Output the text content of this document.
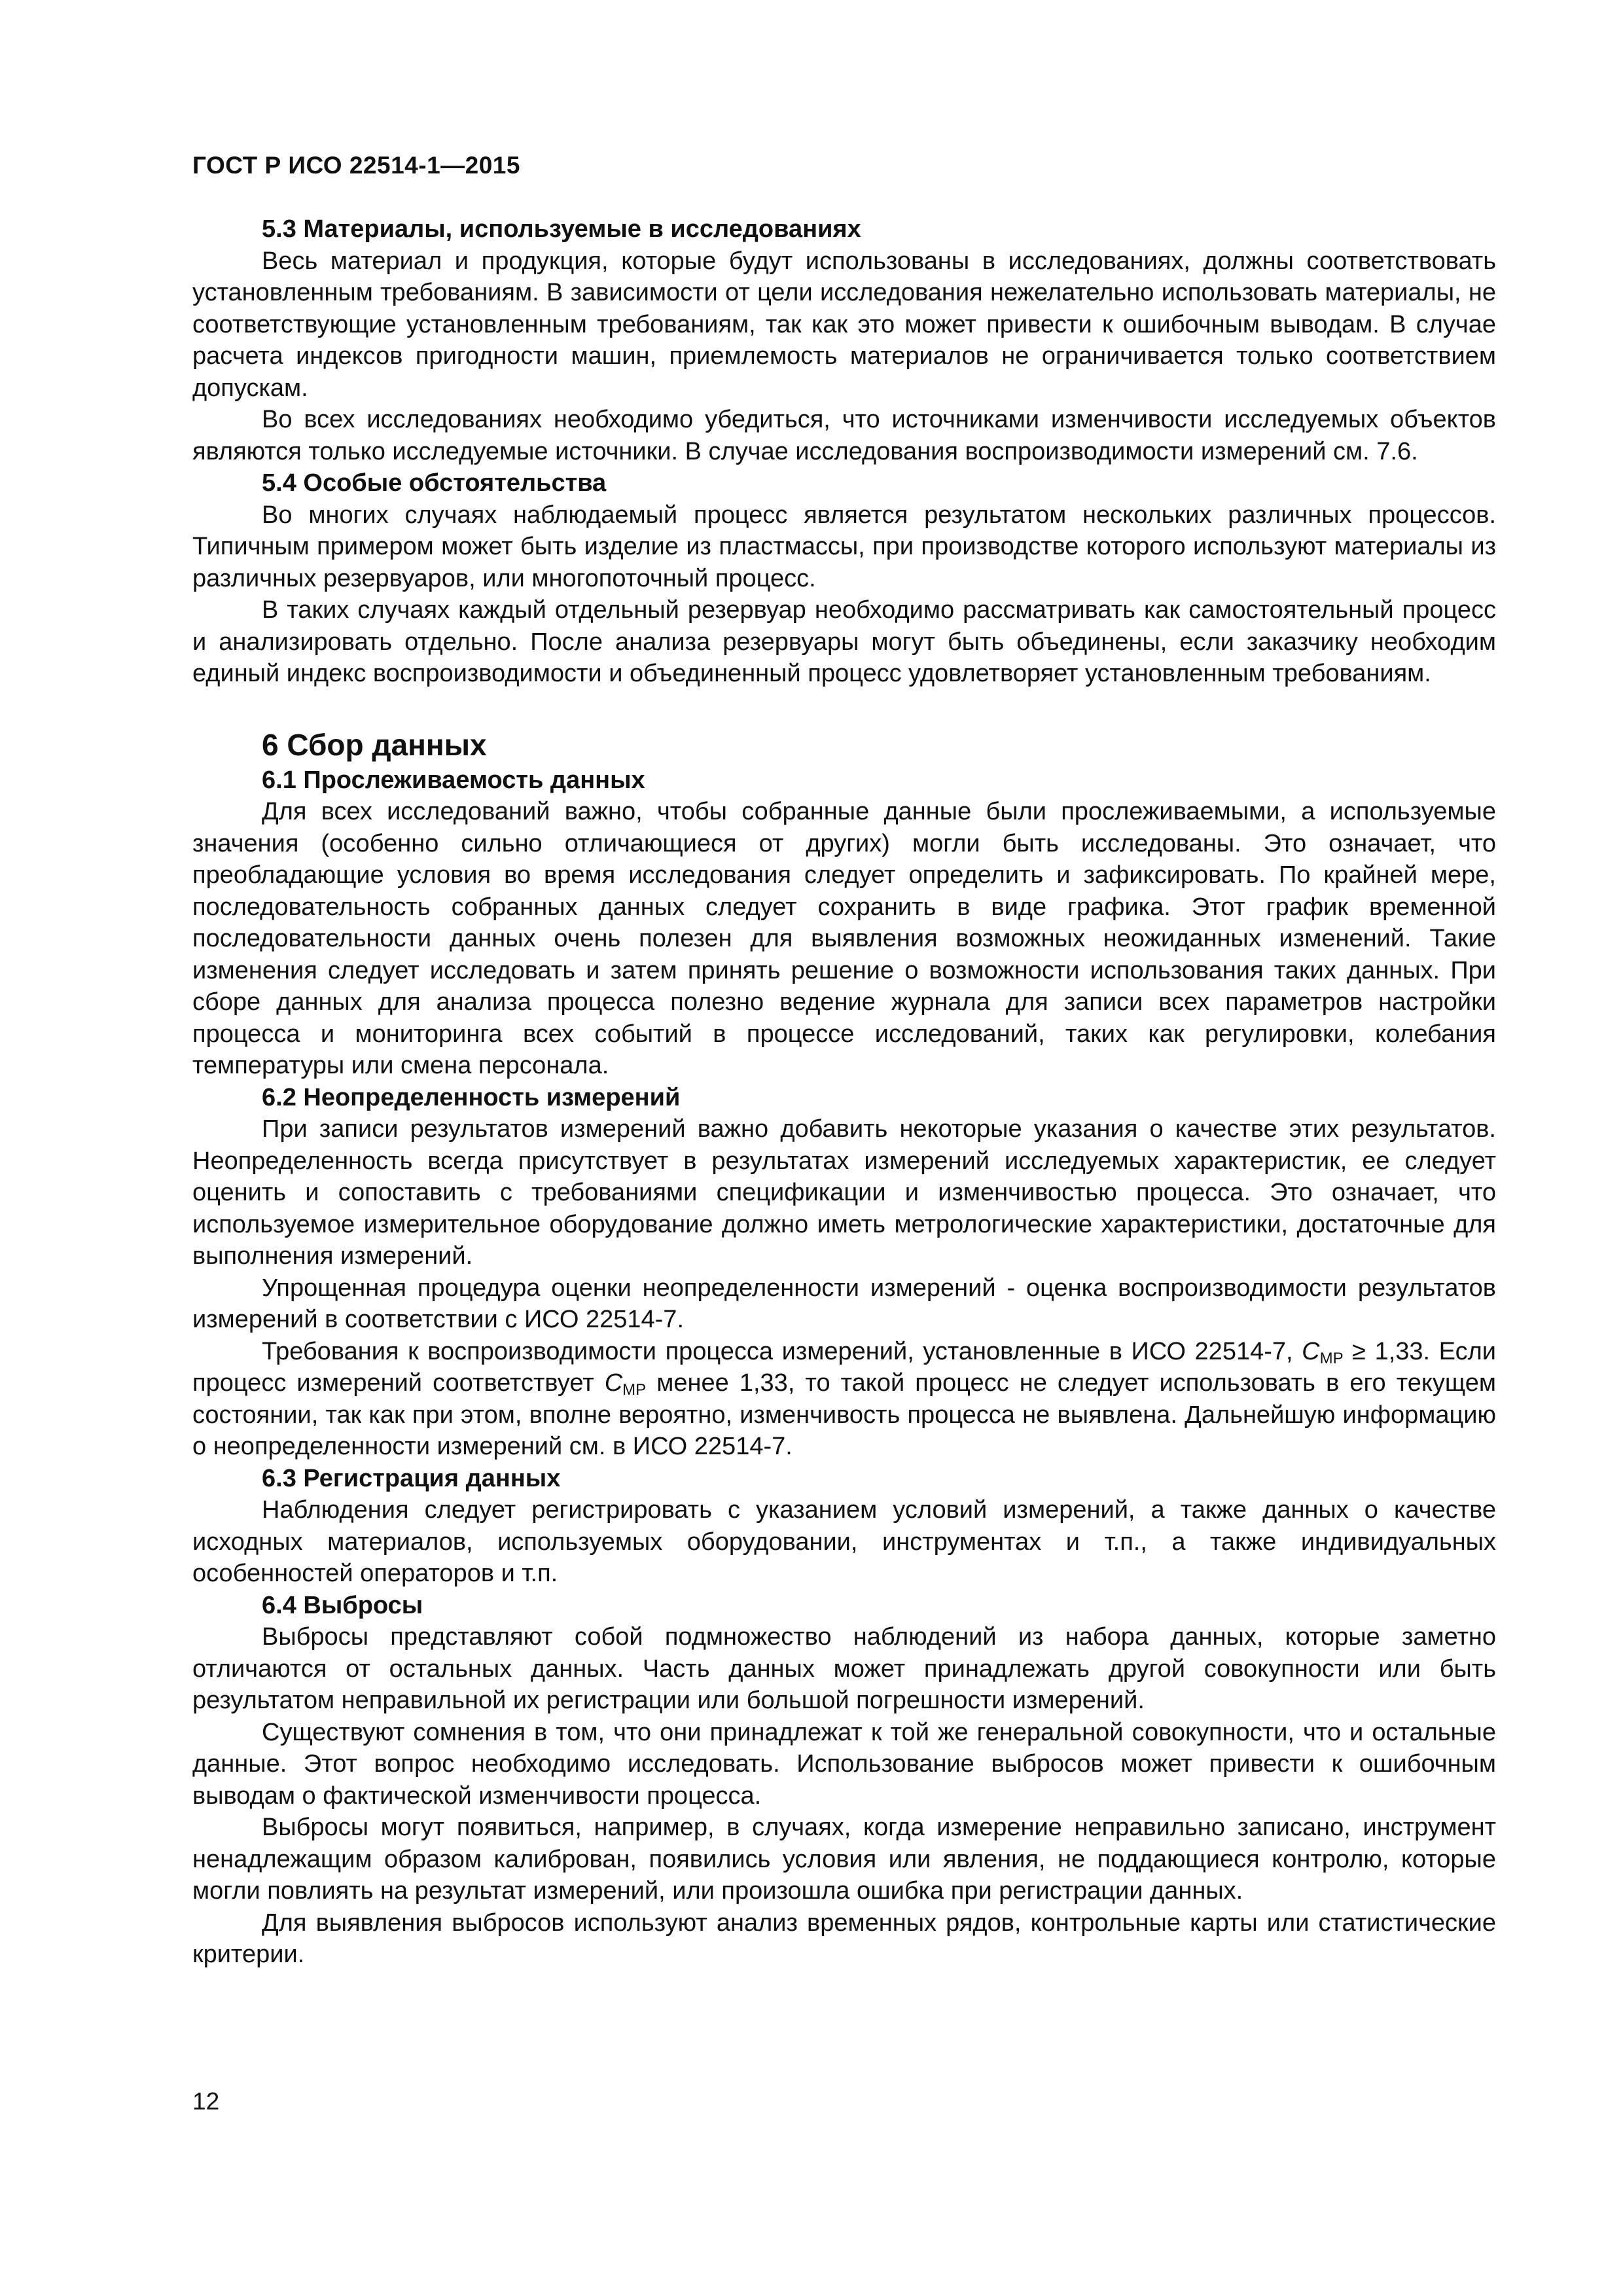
ГОСТ Р ИСО 22514-1—2015
5.3 Материалы, используемые в исследованиях
Весь материал и продукция, которые будут использованы в исследованиях, должны соответствовать установленным требованиям. В зависимости от цели исследования нежелательно использовать материалы, не соответствующие установленным требованиям, так как это может привести к ошибочным выводам. В случае расчета индексов пригодности машин, приемлемость материалов не ограничивается только соответствием допускам.
Во всех исследованиях необходимо убедиться, что источниками изменчивости исследуемых объектов являются только исследуемые источники. В случае исследования воспроизводимости измерений см. 7.6.
5.4 Особые обстоятельства
Во многих случаях наблюдаемый процесс является результатом нескольких различных процессов. Типичным примером может быть изделие из пластмассы, при производстве которого используют материалы из различных резервуаров, или многопоточный процесс.
В таких случаях каждый отдельный резервуар необходимо рассматривать как самостоятельный процесс и анализировать отдельно. После анализа резервуары могут быть объединены, если заказчику необходим единый индекс воспроизводимости и объединенный процесс удовлетворяет установленным требованиям.
6 Сбор данных
6.1 Прослеживаемость данных
Для всех исследований важно, чтобы собранные данные были прослеживаемыми, а используемые значения (особенно сильно отличающиеся от других) могли быть исследованы. Это означает, что преобладающие условия во время исследования следует определить и зафиксировать. По крайней мере, последовательность собранных данных следует сохранить в виде графика. Этот график временной последовательности данных очень полезен для выявления возможных неожиданных изменений. Такие изменения следует исследовать и затем принять решение о возможности использования таких данных. При сборе данных для анализа процесса полезно ведение журнала для записи всех параметров настройки процесса и мониторинга всех событий в процессе исследований, таких как регулировки, колебания температуры или смена персонала.
6.2 Неопределенность измерений
При записи результатов измерений важно добавить некоторые указания о качестве этих результатов. Неопределенность всегда присутствует в результатах измерений исследуемых характеристик, ее следует оценить и сопоставить с требованиями спецификации и изменчивостью процесса. Это означает, что используемое измерительное оборудование должно иметь метрологические характеристики, достаточные для выполнения измерений.
Упрощенная процедура оценки неопределенности измерений - оценка воспроизводимости результатов измерений в соответствии с ИСО 22514-7.
Требования к воспроизводимости процесса измерений, установленные в ИСО 22514-7, $C_{MP} \ge 1,33$. Если процесс измерений соответствует $C_{MP}$ менее 1,33, то такой процесс не следует использовать в его текущем состоянии, так как при этом, вполне вероятно, изменчивость процесса не выявлена. Дальнейшую информацию о неопределенности измерений см. в ИСО 22514-7.
6.3 Регистрация данных
Наблюдения следует регистрировать с указанием условий измерений, а также данных о качестве исходных материалов, используемых оборудовании, инструментах и т.п., а также индивидуальных особенностей операторов и т.п.
6.4 Выбросы
Выбросы представляют собой подмножество наблюдений из набора данных, которые заметно отличаются от остальных данных. Часть данных может принадлежать другой совокупности или быть результатом неправильной их регистрации или большой погрешности измерений.
Существуют сомнения в том, что они принадлежат к той же генеральной совокупности, что и остальные данные. Этот вопрос необходимо исследовать. Использование выбросов может привести к ошибочным выводам о фактической изменчивости процесса.
Выбросы могут появиться, например, в случаях, когда измерение неправильно записано, инструмент ненадлежащим образом калиброван, появились условия или явления, не поддающиеся контролю, которые могли повлиять на результат измерений, или произошла ошибка при регистрации данных.
Для выявления выбросов используют анализ временных рядов, контрольные карты или статистические критерии.
12
